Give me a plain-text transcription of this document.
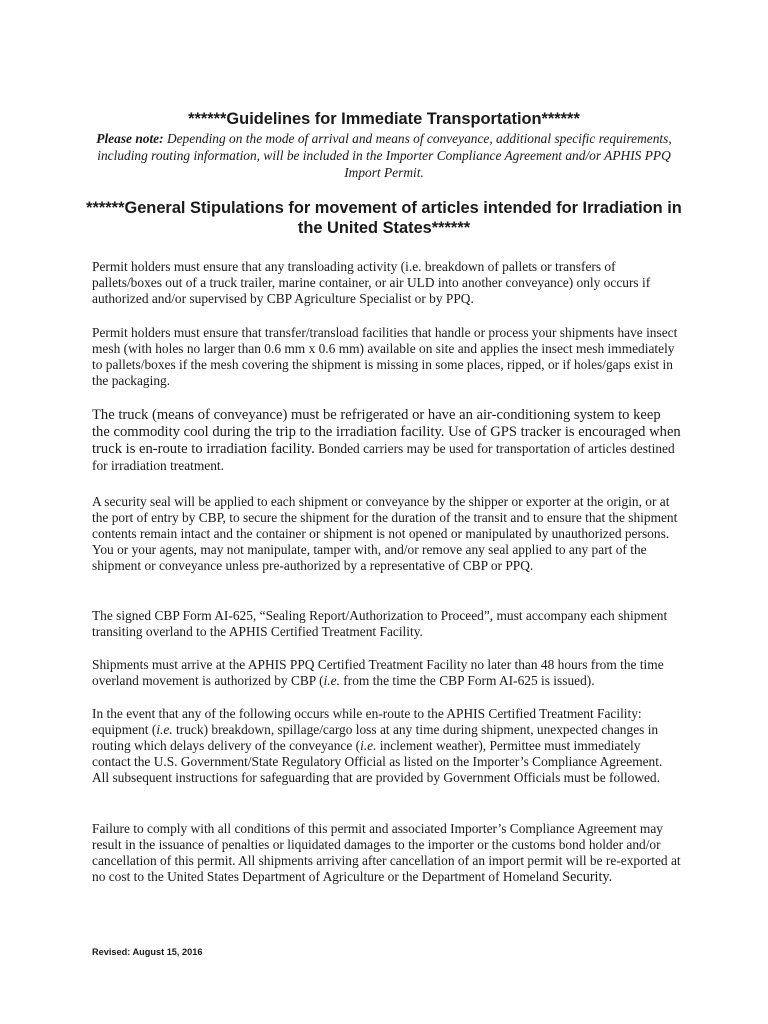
******Guidelines for Immediate Transportation******
Please note: Depending on the mode of arrival and means of conveyance, additional specific requirements, including routing information, will be included in the Importer Compliance Agreement and/or APHIS PPQ Import Permit.
******General Stipulations for movement of articles intended for Irradiation in the United States******

Permit holders must ensure that any transloading activity (i.e. breakdown of pallets or transfers of pallets/boxes out of a truck trailer, marine container, or air ULD into another conveyance) only occurs if authorized and/or supervised by CBP Agriculture Specialist or by PPQ.

Permit holders must ensure that transfer/transload facilities that handle or process your shipments have insect mesh (with holes no larger than 0.6 mm x 0.6 mm) available on site and applies the insect mesh immediately to pallets/boxes if the mesh covering the shipment is missing in some places, ripped, or if holes/gaps exist in the packaging.

The truck (means of conveyance) must be refrigerated or have an air-conditioning system to keep the commodity cool during the trip to the irradiation facility. Use of GPS tracker is encouraged when truck is en-route to irradiation facility. Bonded carriers may be used for transportation of articles destined for irradiation treatment.

A security seal will be applied to each shipment or conveyance by the shipper or exporter at the origin, or at the port of entry by CBP, to secure the shipment for the duration of the transit and to ensure that the shipment contents remain intact and the container or shipment is not opened or manipulated by unauthorized persons. You or your agents, may not manipulate, tamper with, and/or remove any seal applied to any part of the shipment or conveyance unless pre-authorized by a representative of CBP or PPQ.

The signed CBP Form AI-625, “Sealing Report/Authorization to Proceed”, must accompany each shipment transiting overland to the APHIS Certified Treatment Facility.

Shipments must arrive at the APHIS PPQ Certified Treatment Facility no later than 48 hours from the time overland movement is authorized by CBP (i.e. from the time the CBP Form AI-625 is issued).

In the event that any of the following occurs while en-route to the APHIS Certified Treatment Facility: equipment (i.e. truck) breakdown, spillage/cargo loss at any time during shipment, unexpected changes in routing which delays delivery of the conveyance (i.e. inclement weather), Permittee must immediately contact the U.S. Government/State Regulatory Official as listed on the Importer’s Compliance Agreement. All subsequent instructions for safeguarding that are provided by Government Officials must be followed.

Failure to comply with all conditions of this permit and associated Importer’s Compliance Agreement may result in the issuance of penalties or liquidated damages to the importer or the customs bond holder and/or cancellation of this permit. All shipments arriving after cancellation of an import permit will be re-exported at no cost to the United States Department of Agriculture or the Department of Homeland Security.

Revised: August 15, 2016
